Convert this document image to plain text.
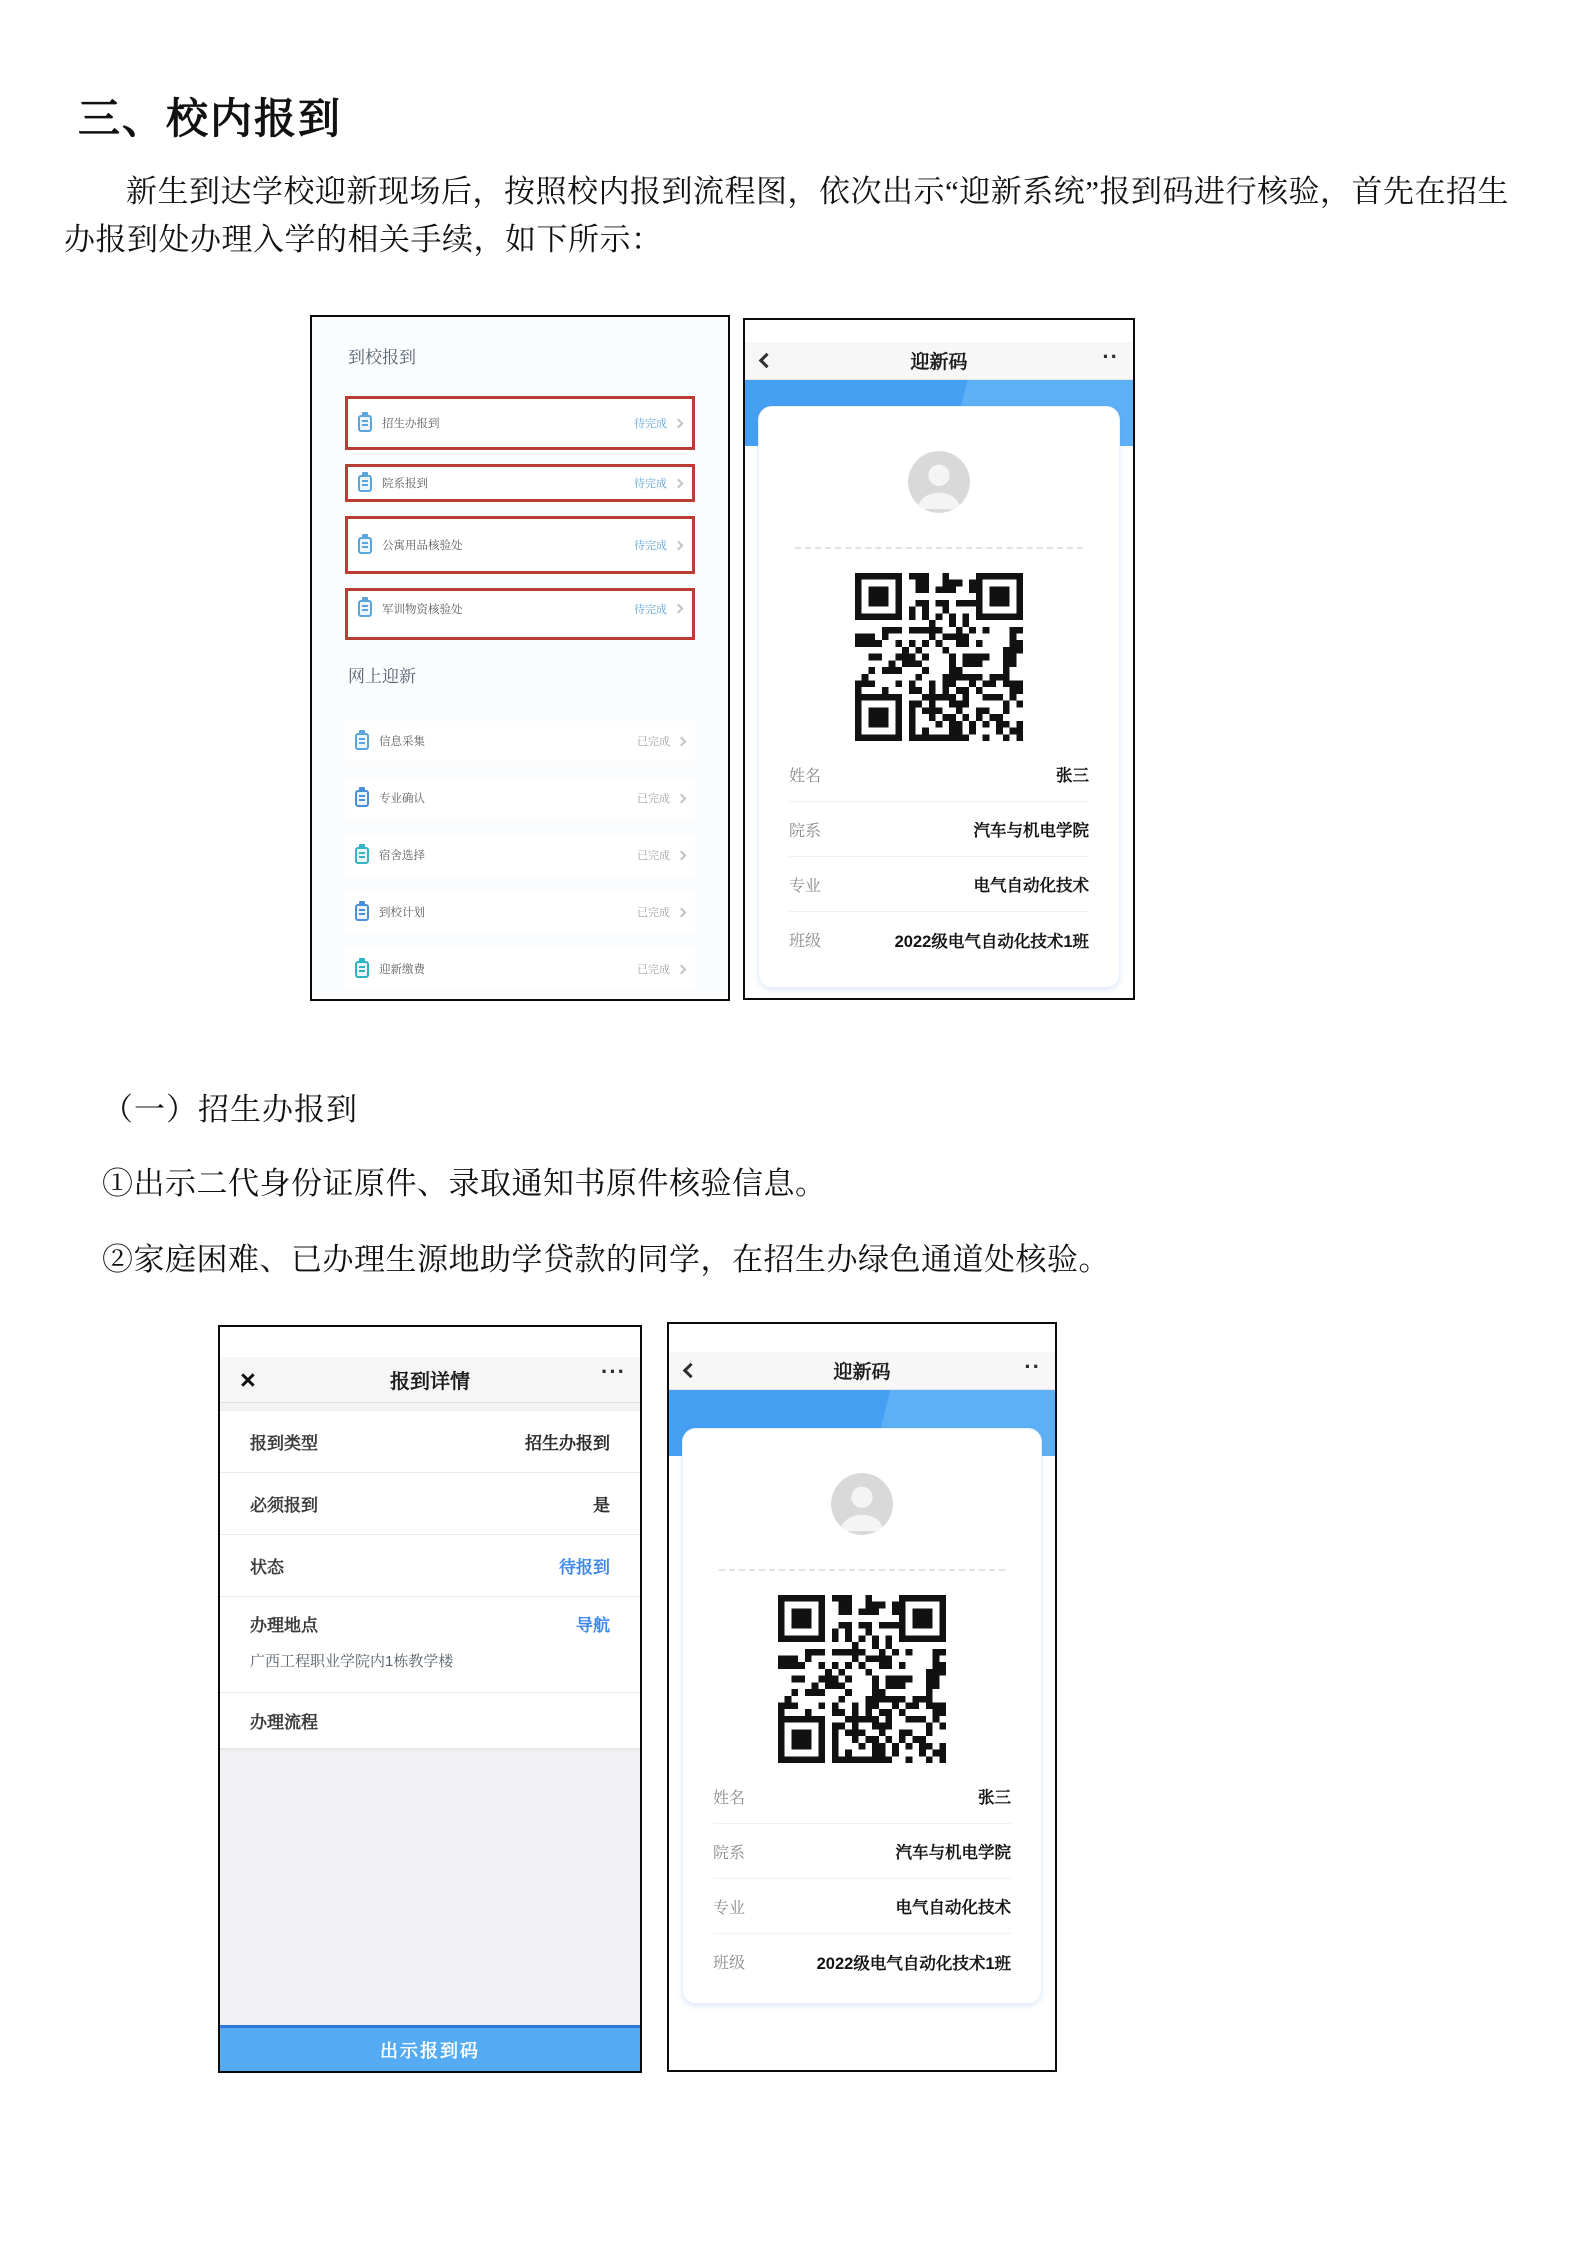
三、校内报到
新生到达学校迎新现场后，按照校内报到流程图，依次出示“迎新系统”报到码进行核验，首先在招生办报到处办理入学的相关手续，如下所示：
（一）招生办报到
①出示二代身份证原件、录取通知书原件核验信息。
②家庭困难、已办理生源地助学贷款的同学，在招生办绿色通道处核验。
到校报到
招生办报到	待完成
院系报到	待完成
公寓用品核验处	待完成
军训物资核验处	待完成
网上迎新
信息采集	已完成
专业确认	已完成
宿舍选择	已完成
到校计划	已完成
迎新缴费	已完成
迎新码	··
姓名	张三
院系	汽车与机电学院
专业	电气自动化技术
班级	2022级电气自动化技术1班
×	报到详情	···
报到类型	招生办报到
必须报到	是
状态	待报到
办理地点	导航
广西工程职业学院内1栋教学楼
办理流程
出示报到码
迎新码	··
姓名	张三
院系	汽车与机电学院
专业	电气自动化技术
班级	2022级电气自动化技术1班
